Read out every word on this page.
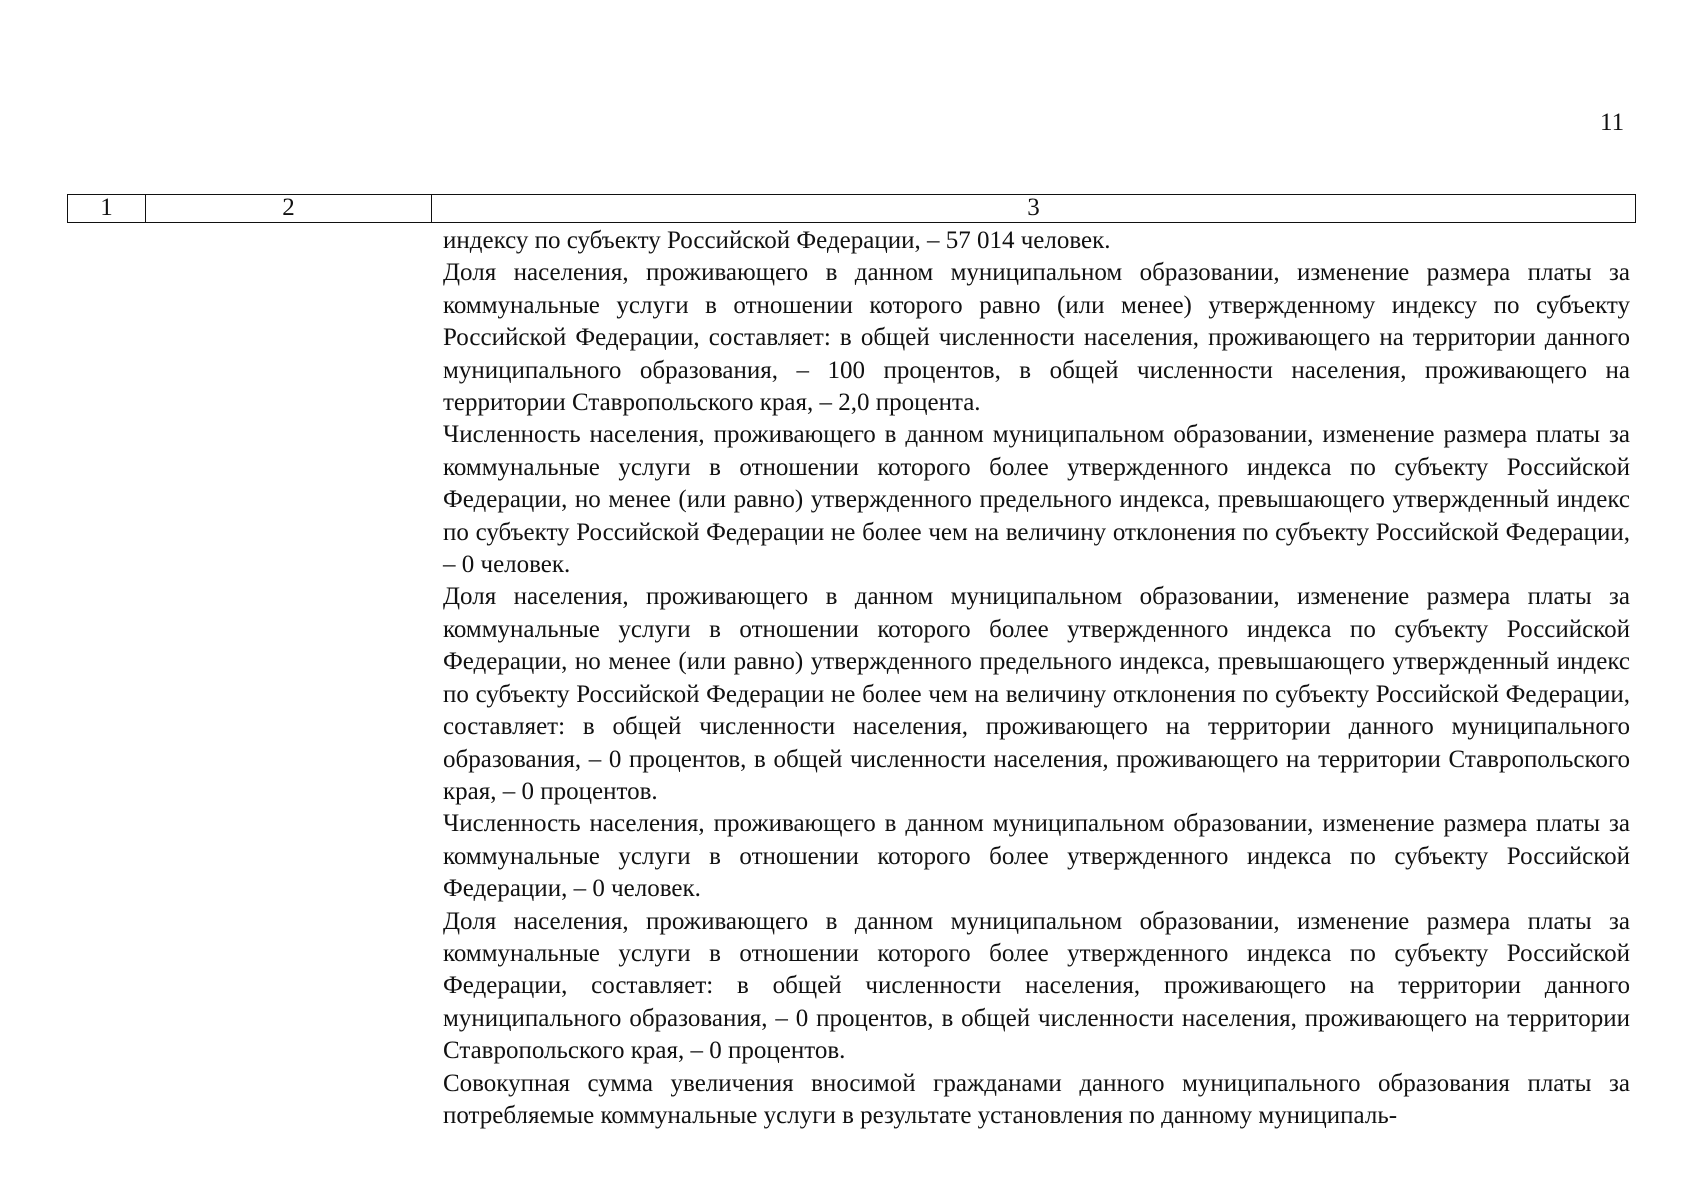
11
1	2	3

индексу по субъекту Российской Федерации, – 57 014 человек.

Доля населения, проживающего в данном муниципальном образовании, изменение размера платы за коммунальные услуги в отношении которого равно (или менее) утвержденному индексу по субъекту Российской Федерации, составляет: в общей численности населения, проживающего на территории данного муниципального образования, – 100 процентов, в общей численности населения, проживающего на территории Ставропольского края, – 2,0 процента.

Численность населения, проживающего в данном муниципальном образовании, изменение размера платы за коммунальные услуги в отношении которого более утвержденного индекса по субъекту Российской Федерации, но менее (или равно) утвержденного предельного индекса, превышающего утвержденный индекс по субъекту Российской Федерации не более чем на величину отклонения по субъекту Российской Федерации, – 0 человек.

Доля населения, проживающего в данном муниципальном образовании, изменение размера платы за коммунальные услуги в отношении которого более утвержденного индекса по субъекту Российской Федерации, но менее (или равно) утвержденного предельного индекса, превышающего утвержденный индекс по субъекту Российской Федерации не более чем на величину отклонения по субъекту Российской Федерации, составляет: в общей численности населения, проживающего на территории данного муниципального образования, – 0 процентов, в общей численности населения, проживающего на территории Ставропольского края, – 0 процентов.

Численность населения, проживающего в данном муниципальном образовании, изменение размера платы за коммунальные услуги в отношении которого более утвержденного индекса по субъекту Российской Федерации, – 0 человек.

Доля населения, проживающего в данном муниципальном образовании, изменение размера платы за коммунальные услуги в отношении которого более утвержденного индекса по субъекту Российской Федерации, составляет: в общей численности населения, проживающего на территории данного муниципального образования, – 0 процентов, в общей численности населения, проживающего на территории Ставропольского края, – 0 процентов.

Совокупная сумма увеличения вносимой гражданами данного муниципального образования платы за потребляемые коммунальные услуги в результате установления по данному муниципаль-
